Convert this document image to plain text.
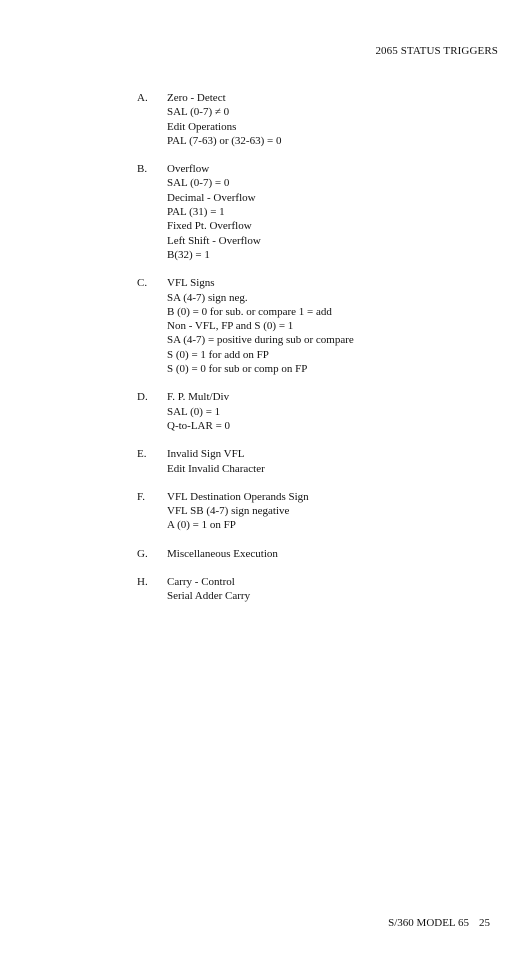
2065 STATUS TRIGGERS
A.	Zero - Detect
SAL (0-7) ≠ 0
Edit Operations
PAL (7-63) or (32-63) = 0
B.	Overflow
SAL (0-7) = 0
Decimal - Overflow
PAL (31) = 1
Fixed Pt. Overflow
Left Shift - Overflow
B(32) = 1
C.	VFL Signs
SA (4-7) sign neg.
B (0) = 0 for sub. or compare 1 = add
Non - VFL, FP and S (0) = 1
SA (4-7) = positive during sub or compare
S (0) = 1 for add on FP
S (0) = 0 for sub or comp on FP
D.	F. P. Mult/Div
SAL (0) = 1
Q-to-LAR = 0
E.	Invalid Sign VFL
Edit Invalid Character
F.	VFL Destination Operands Sign
VFL SB (4-7) sign negative
A (0) = 1 on FP
G.	Miscellaneous Execution
H.	Carry - Control
Serial Adder Carry
S/360 MODEL 65 25
